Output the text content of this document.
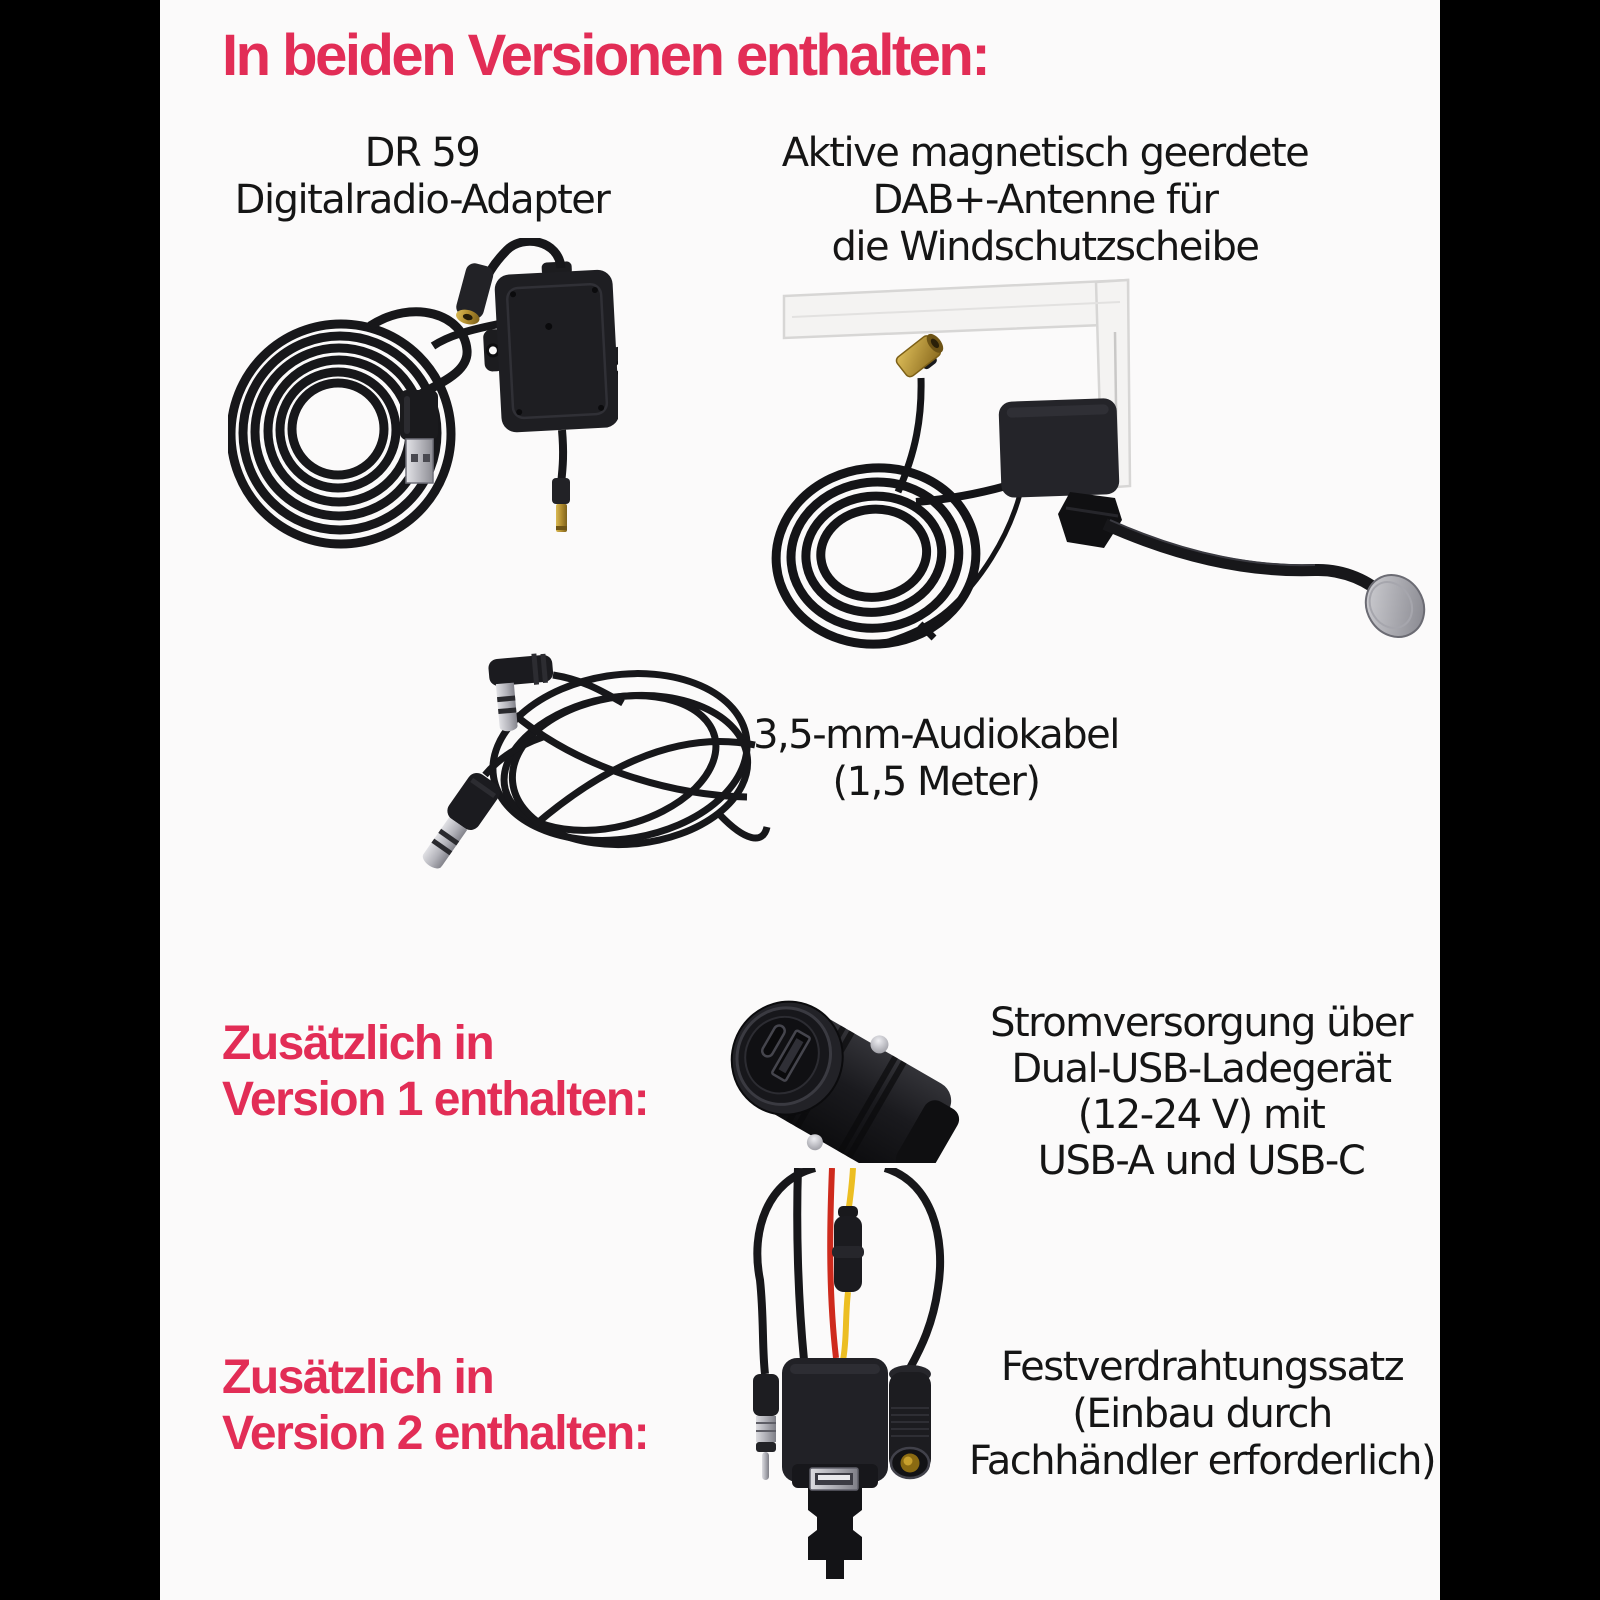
In beiden Versionen enthalten:
DR 59
Digitalradio-Adapter
Aktive magnetisch geerdete
DAB+-Antenne für
die Windschutzscheibe
3,5-mm-Audiokabel
(1,5 Meter)
Zusätzlich in
Version 1 enthalten:
Stromversorgung über
Dual-USB-Ladegerät
(12-24 V) mit
USB-A und USB-C
Zusätzlich in
Version 2 enthalten:
Festverdrahtungssatz
(Einbau durch
Fachhändler erforderlich)
